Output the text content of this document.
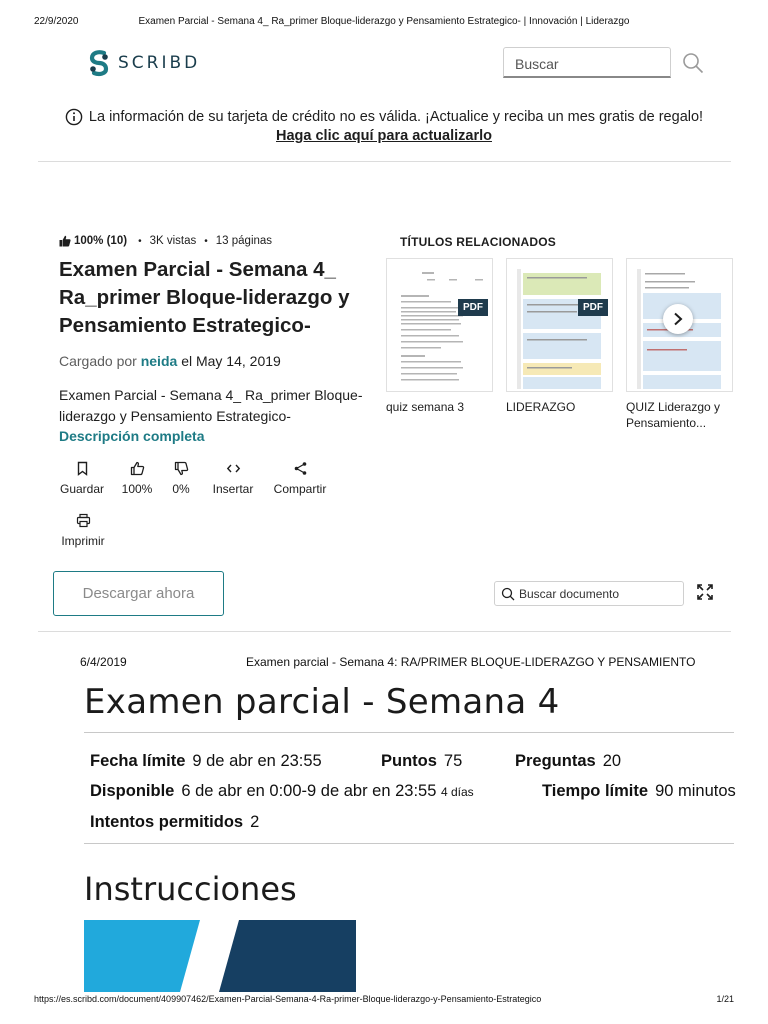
22/9/2020	Examen Parcial - Semana 4_ Ra_primer Bloque-liderazgo y Pensamiento Estrategico- | Innovación | Liderazgo
SCRIBD	Buscar
La información de su tarjeta de crédito no es válida. ¡Actualice y reciba un mes gratis de regalo!
Haga clic aquí para actualizarlo
100% (10) • 3K vistas • 13 páginas
Examen Parcial - Semana 4_ Ra_primer Bloque-liderazgo y Pensamiento Estrategico-
Cargado por neida el May 14, 2019
Examen Parcial - Semana 4_ Ra_primer Bloque-liderazgo y Pensamiento Estrategico- Descripción completa
Guardar	100%	0%	Insertar	Compartir
Imprimir
Descargar ahora	Buscar documento
TÍTULOS RELACIONADOS
PDF
quiz semana 3
PDF
LIDERAZGO	QUIZ Liderazgo y Pensamiento...
6/4/2019	Examen parcial - Semana 4: RA/PRIMER BLOQUE-LIDERAZGO Y PENSAMIENTO
Examen parcial - Semana 4
Fecha límite 9 de abr en 23:55	Puntos 75	Preguntas 20
Disponible 6 de abr en 0:00-9 de abr en 23:55 4 días	Tiempo límite 90 minutos
Intentos permitidos 2
Instrucciones
https://es.scribd.com/document/409907462/Examen-Parcial-Semana-4-Ra-primer-Bloque-liderazgo-y-Pensamiento-Estrategico	1/21
